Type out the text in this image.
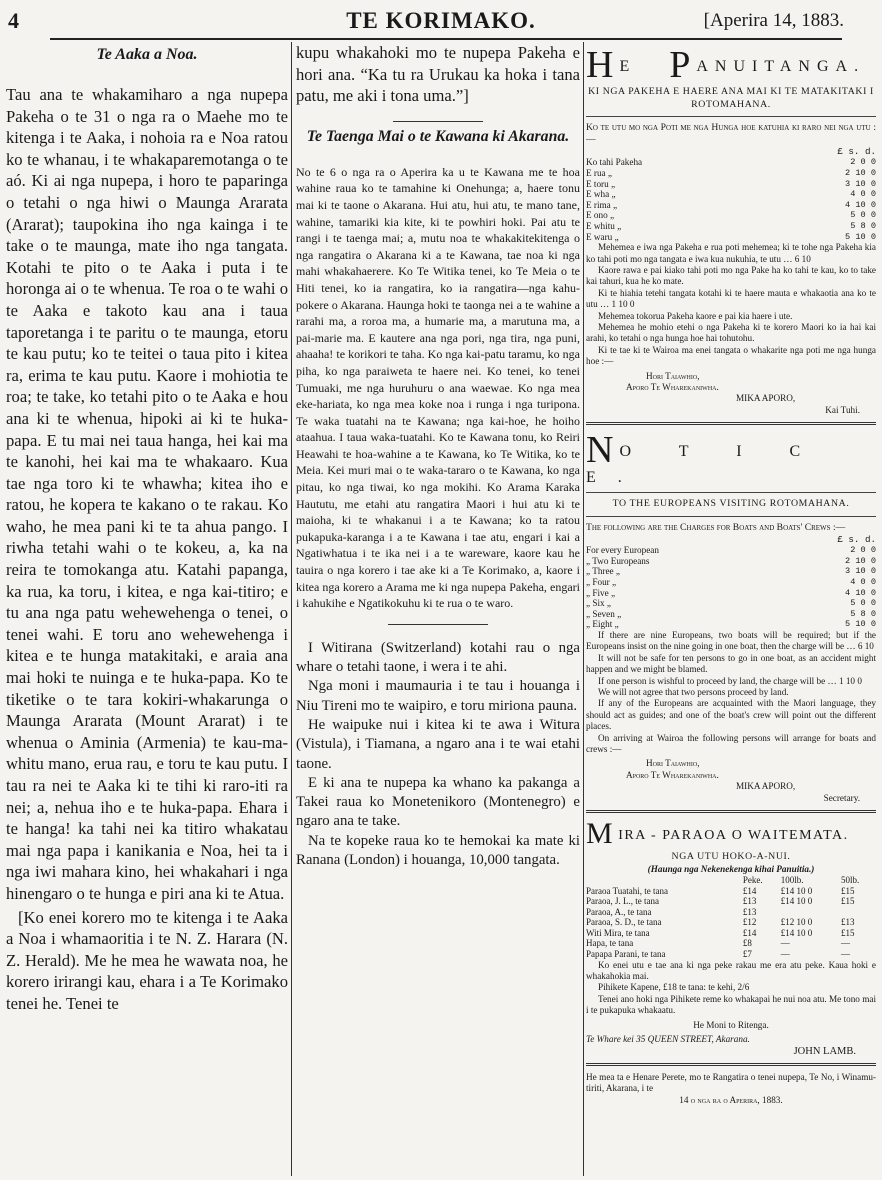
4	TE KORIMAKO.	[Aperira 14, 1883.

Te Aaka a Noa.

Tau ana te whakamiharo a nga nupepa Pakeha o te 31 o nga ra o Maehe mo te kitenga i te Aaka, i nohoia ra e Noa ratou ko te whanau, i te whakaparemotanga o te aó. Ki ai nga nupepa, i horo te paparinga o tetahi o nga hiwi o Maunga Ararata (Ararat); taupokina iho nga kainga i te take o te maunga, mate iho nga tangata. Kotahi te pito o te Aaka i puta i te horonga ai o te whenua. Te roa o te wahi o te Aaka e takoto kau ana i taua taporetanga i te paritu o te maunga, etoru te kau putu; ko te teitei o taua pito i kitea ra, erima te kau putu. Kaore i mohiotia te roa; te take, ko tetahi pito o te Aaka e hou ana ki te whenua, hipoki ai ki te huka-papa. E tu mai nei taua hanga, hei kai ma te kanohi, hei kai ma te whakaaro. Kua tae nga toro ki te whawha; kitea iho e ratou, he kopera te kakano o te rakau. Ko waho, he mea pani ki te ta ahua pango. I riwha tetahi wahi o te kokeu, a, ka na reira te tomokanga atu. Katahi papanga, ka rua, ka toru, i kitea, e nga kai-titiro; e tu ana nga patu wehewehenga o tenei, o tenei wahi. E toru ano wehewehenga i kitea e te hunga matakitaki, e araia ana mai hoki te nuinga e te huka-papa. Ko te tiketike o te tara kokiri-whakarunga o Maunga Ararata (Mount Ararat) i te whenua o Aminia (Armenia) te kau-ma-whitu mano, erua rau, e toru te kau putu. I tau ra nei te Aaka ki te tihi ki raro-iti ra nei; a, nehua iho e te huka-papa. Ehara i te hanga! ka tahi nei ka titiro whakatau mai nga papa i kanikania e Noa, hei ta i nga iwi mahara kino, hei whakahari i nga hinengaro o te hunga e piri ana ki te Atua.

[Ko enei korero mo te kitenga i te Aaka a Noa i whamaoritia i te N. Z. Harara (N. Z. Herald). Me he mea he wawata noa, he korero irirangi kau, ehara i a Te Korimako tenei he. Tenei te

kupu whakahoki mo te nupepa Pakeha e hori ana. “Ka tu ra Urukau ka hoka i tana patu, me aki i tona uma.”]

Te Taenga Mai o te Kawana ki Akarana.

No te 6 o nga ra o Aperira ka u te Kawana me te hoa wahine raua ko te tamahine ki Onehunga; a, haere tonu mai ki te taone o Akarana. Hui atu, hui atu, te mano tane, wahine, tamariki kia kite, ki te powhiri hoki. Pai atu te rangi i te taenga mai; a, mutu noa te whakakitekitenga o nga rangatira o Akarana ki a te Kawana, tae noa ki nga mahi whakahaerere. Ko Te Witika tenei, ko Te Meia o te Hiti tenei, ko ia rangatira, ko ia rangatira—nga kahu-pokere o Akarana. Haunga hoki te taonga nei a te wahine a rarahi ma, a roroa ma, a humarie ma, a marutuna ma, a pai-marie ma. E kautere ana nga pori, nga tira, nga puni, ahaaha! te korikori te taha. Ko nga kai-patu taramu, ko nga piha, ko nga paraiweta te haere nei. Ko tenei, ko tenei Tumuaki, me nga huruhuru o ana waewae. Ko nga mea eke-hariata, ko nga mea koke noa i runga i nga turipona. Te waka tuatahi na te Kawana; nga kai-hoe, he hoiho ataahua. I taua waka-tuatahi. Ko te Kawana tonu, ko Reiri Heawahi te hoa-wahine a te Kawana, ko Te Witika, ko te Meia. Kei muri mai o te waka-tararo o te Kawana, ko nga pitau, ko nga tiwai, ko nga mokihi. Ko Arama Karaka Haututu, me etahi atu rangatira Maori i hui atu ki te maioha, ki te whakanui i a te Kawana; ko ta ratou pukapuka-karanga i a te Kawana i tae atu, engari i kai a Ngatiwhatua i te ika nei i a te wareware, kaore kau he tauira o nga korero i tae ake ki a Te Korimako, a, kaore i kitea nga korero a Arama me ki nga nupepa Pakeha, engari i kahukihe e Ngatikokuhu ki te rua o te waro.

I Witirana (Switzerland) kotahi rau o nga whare o tetahi taone, i wera i te ahi.

Nga moni i maumauria i te tau i houanga i Niu Tireni mo te waipiro, e toru miriona pauna.

He waipuke nui i kitea ki te awa i Witura (Vistula), i Tiamana, a ngaro ana i te wai etahi taone.

E ki ana te nupepa ka whano ka pakanga a Takei raua ko Monetenikoro (Montenegro) e ngaro ana te take.

Na te kopeke raua ko te hemokai ka mate ki Ranana (London) i houanga, 10,000 tangata.

H E P ANUITANGA.

KI NGA PAKEHA E HAERE ANA MAI KI TE MATAKITAKI I ROTOMAHANA.

Ko te utu mo nga Poti me nga Hunga hoe katuhia ki raro nei nga utu :—

£ s. d.

Ko tahi Pakeha	2 0 0
E rua „	2 10 0
E toru „	3 10 0
E wha „	4 0 0
E rima „	4 10 0
E ono „	5 0 0
E whitu „	5 8 0
E waru „	5 10 0

Mehemea e iwa nga Pakeha e rua poti mehemea; ki te tohe nga Pakeha kia ko tahi poti mo nga tangata e iwa kua nukuhia, te utu … 6 10

Kaore rawa e pai kiako tahi poti mo nga Pake ha ko tahi te kau, ko to take kai tahuri, kua he ko mate.

Ki te hiahia tetehi tangata kotahi ki te haere mauta e whakaotia ana ko te utu … 1 10 0

Mehemea tokorua Pakeha kaore e pai kia haere i ute.

Mehemea he mohio etehi o nga Pakeha ki te korero Maori ko ia hai kai arahi, ko tetahi o nga hunga hoe hai tohutohu.

Ki te tae ki te Wairoa ma enei tangata o whakarite nga poti me nga hunga hoe :—

Hori Taiawhio,

Aporo Te Wharekaniwha.

MIKA APORO,

Kai Tuhi.

N O T I C E.

TO THE EUROPEANS VISITING ROTOMAHANA.

The following are the Charges for Boats and Boats' Crews :—

£ s. d.

For every European	2 0 0
„ Two Europeans	2 10 0
„ Three „	3 10 0
„ Four „	4 0 0
„ Five „	4 10 0
„ Six „	5 0 0
„ Seven „	5 8 0
„ Eight „	5 10 0

If there are nine Europeans, two boats will be required; but if the Europeans insist on the nine going in one boat, then the charge will be … 6 10

It will not be safe for ten persons to go in one boat, as an accident might happen and we might be blamed.

If one person is wishful to proceed by land, the charge will be … 1 10 0

We will not agree that two persons proceed by land.

If any of the Europeans are acquainted with the Maori language, they should act as guides; and one of the boat's crew will point out the different places.

On arriving at Wairoa the following persons will arrange for boats and crews :—

Hori Taiawhio,

Aporo Te Wharekaniwha.

MIKA APORO,

Secretary.

MIRA - PARAOA O WAITEMATA.

NGA UTU HOKO-A-NUI.

(Haunga nga Nekenekenga kihai Panuitia.)

	Peke.	100lb.	50lb.
Paraoa Tuatahi, te tana	£14	£14 10 0	£15
Paraoa, J. L., te tana	£13	£14 10 0	£15
Paraoa, A., te tana	£13		
Paraoa, S. D., te tana	£12	£12 10 0	£13
Witi Mira, te tana	£14	£14 10 0	£15
Hapa, te tana	£8	—	—
Papapa Parani, te tana	£7	—	—

Ko enei utu e tae ana ki nga peke rakau me era atu peke. Kaua hoki e whakahokia mai.

Pihikete Kapene, £18 te tana: te kehi, 2/6

Tenei ano hoki nga Pihikete reme ko whakapai he nui noa atu. Me tono mai i te pukapuka whakaatu.

He Moni to Ritenga.

Te Whare kei 35 QUEEN STREET, Akarana.

JOHN LAMB.

He mea ta e Henare Perete, mo te Rangatira o tenei nupepa, Te No, i Winamu-tiriti, Akarana, i te

14 o nga ra o Aperira, 1883.
